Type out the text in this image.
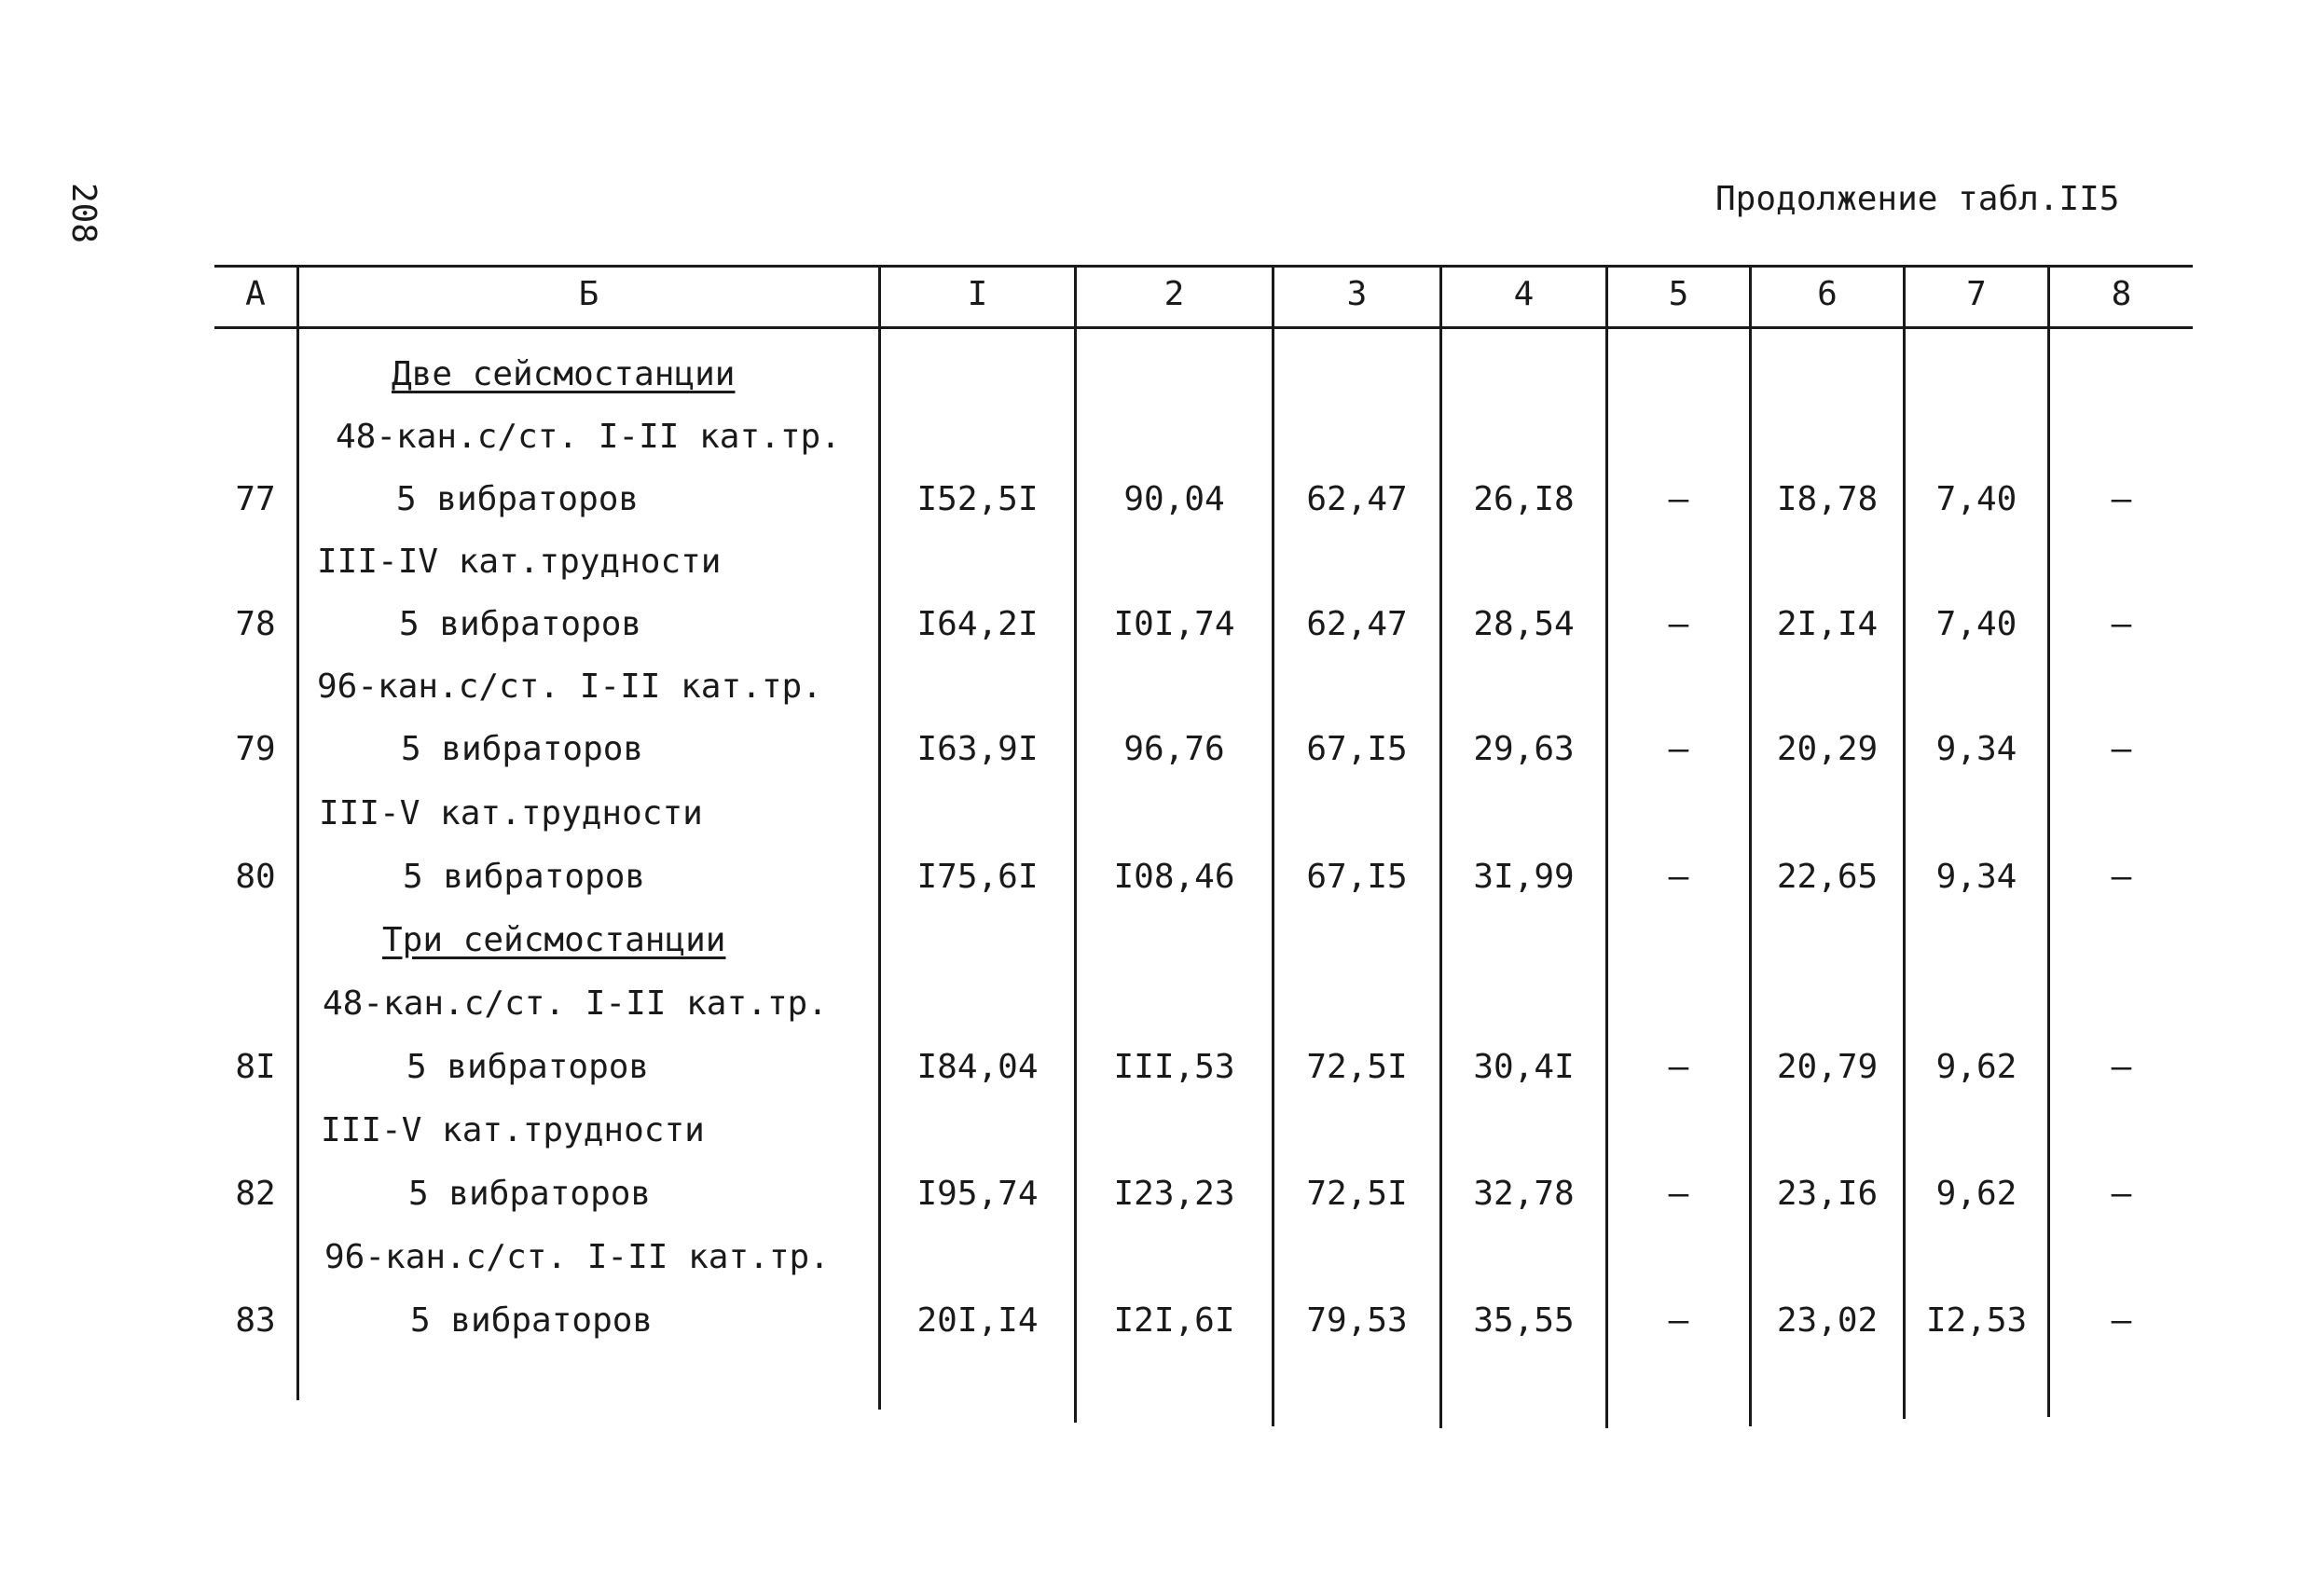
208	Продолжение табл.II5
А	Б	I	2	3	4	5	6	7	8
Две сейсмостанции
48-кан.с/ст. I-II кат.тр.
77	5 вибраторов	I52,5I	90,04	62,47	26,I8	–	I8,78	7,40	–
III-IV кат.трудности
78	5 вибраторов	I64,2I	I0I,74	62,47	28,54	–	2I,I4	7,40	–
96-кан.с/ст. I-II кат.тр.
79	5 вибраторов	I63,9I	96,76	67,I5	29,63	–	20,29	9,34	–
III-V кат.трудности
80	5 вибраторов	I75,6I	I08,46	67,I5	3I,99	–	22,65	9,34	–
Три сейсмостанции
48-кан.с/ст. I-II кат.тр.
8I	5 вибраторов	I84,04	III,53	72,5I	30,4I	–	20,79	9,62	–
III-V кат.трудности
82	5 вибраторов	I95,74	I23,23	72,5I	32,78	–	23,I6	9,62	–
96-кан.с/ст. I-II кат.тр.
83	5 вибраторов	20I,I4	I2I,6I	79,53	35,55	–	23,02	I2,53	–
